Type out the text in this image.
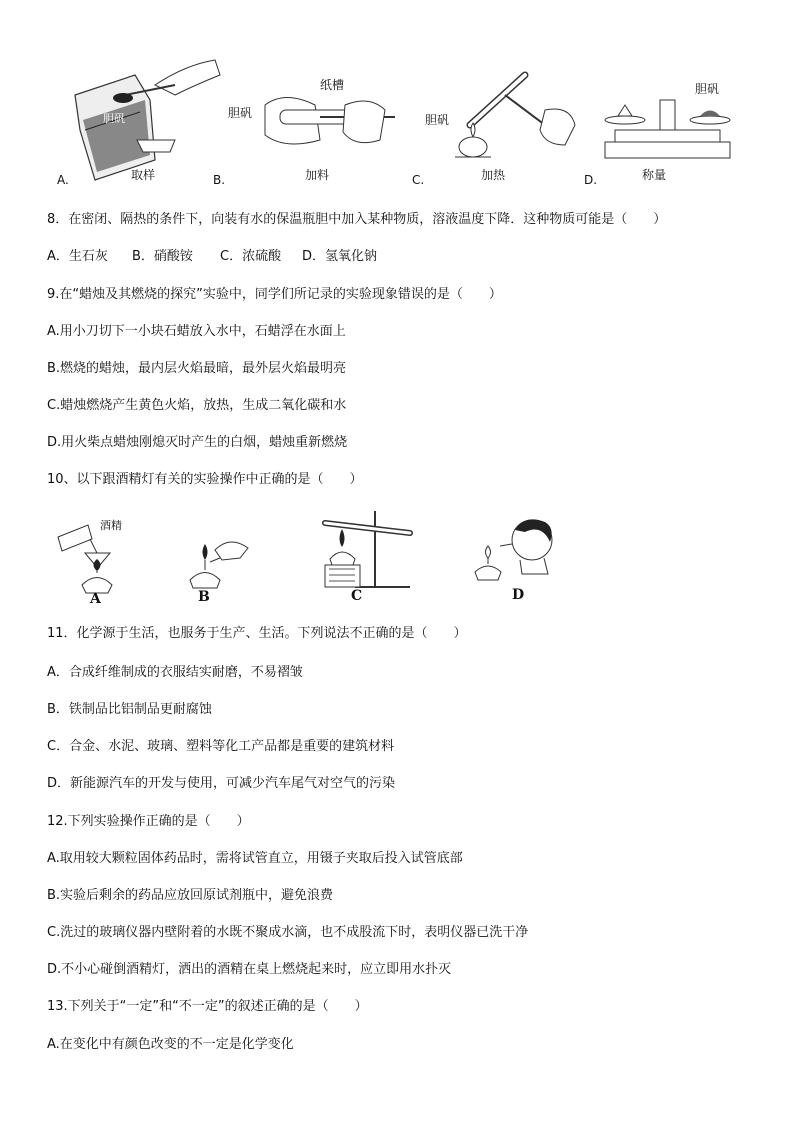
胆矾
A.	取样
胆矾
纸槽
B.	加料
胆矾
C.	加热
胆矾
D.	称量
8．在密闭、隔热的条件下，向装有水的保温瓶胆中加入某种物质，溶液温度下降．这种物质可能是（　　）
A．生石灰 B．硝酸铵 C．浓硫酸 D．氢氧化钠
9.在“蜡烛及其燃烧的探究”实验中，同学们所记录的实验现象错误的是（　　）
A.用小刀切下一小块石蜡放入水中，石蜡浮在水面上
B.燃烧的蜡烛，最内层火焰最暗，最外层火焰最明亮
C.蜡烛燃烧产生黄色火焰，放热，生成二氧化碳和水
D.用火柴点蜡烛刚熄灭时产生的白烟，蜡烛重新燃烧
10、以下跟酒精灯有关的实验操作中正确的是（　　）
酒精
A	B	C	D
11．化学源于生活，也服务于生产、生活。下列说法不正确的是（　　）
A．合成纤维制成的衣服结实耐磨，不易褶皱
B．铁制品比铝制品更耐腐蚀
C．合金、水泥、玻璃、塑料等化工产品都是重要的建筑材料
D．新能源汽车的开发与使用，可减少汽车尾气对空气的污染
12.下列实验操作正确的是（　　）
A.取用较大颗粒固体药品时，需将试管直立，用镊子夹取后投入试管底部
B.实验后剩余的药品应放回原试剂瓶中，避免浪费
C.洗过的玻璃仪器内壁附着的水既不聚成水滴，也不成股流下时，表明仪器已洗干净
D.不小心碰倒酒精灯，洒出的酒精在桌上燃烧起来时，应立即用水扑灭
13.下列关于“一定”和“不一定”的叙述正确的是（　　）
A.在变化中有颜色改变的不一定是化学变化
